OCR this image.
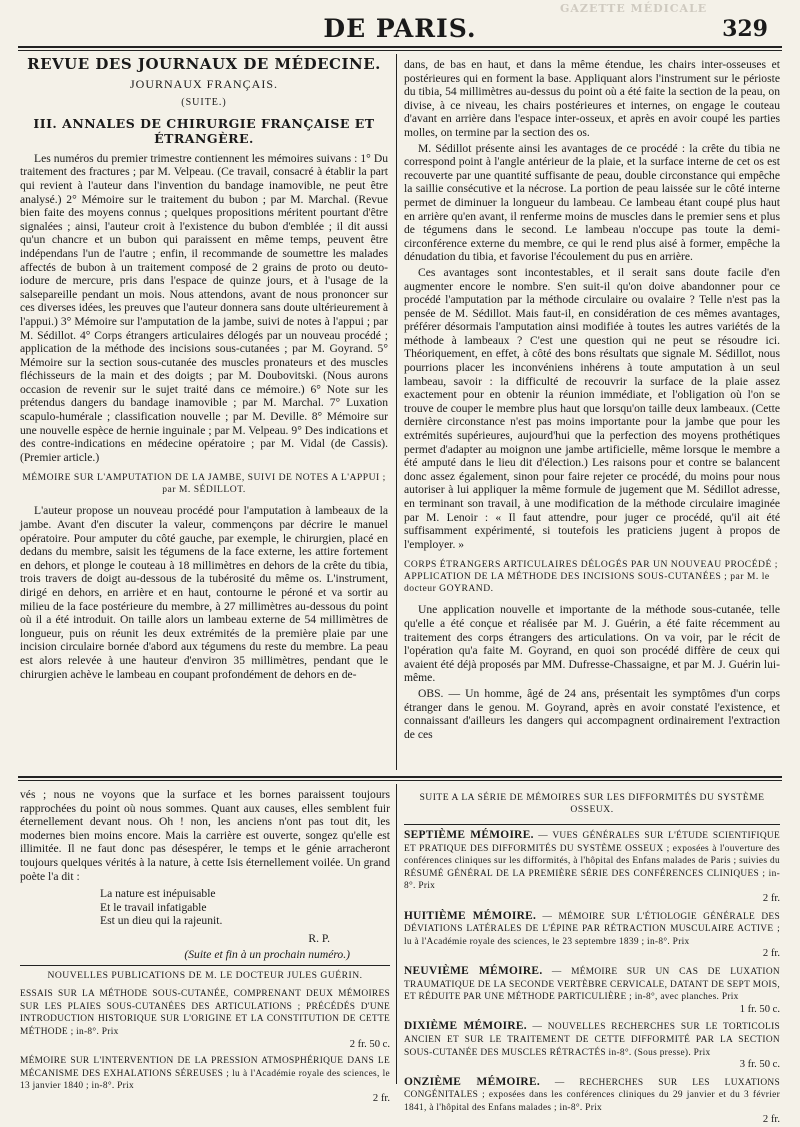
GAZETTE MÉDICALE
DE PARIS.	329
REVUE DES JOURNAUX DE MÉDECINE.
JOURNAUX FRANÇAIS.
(SUITE.)
III. ANNALES DE CHIRURGIE FRANÇAISE ET ÉTRANGÈRE.

Les numéros du premier trimestre contiennent les mémoires suivans : 1° Du traitement des fractures ; par M. Velpeau. (Ce travail, consacré à établir la part qui revient à l'auteur dans l'invention du bandage inamovible, ne peut être analysé.) 2° Mémoire sur le traitement du bubon ; par M. Marchal. (Revue bien faite des moyens connus ; quelques propositions méritent pourtant d'être signalées ; ainsi, l'auteur croit à l'existence du bubon d'emblée ; il dit aussi qu'un chancre et un bubon qui paraissent en même temps, peuvent être indépendans l'un de l'autre ; enfin, il recommande de soumettre les malades affectés de bubon à un traitement composé de 2 grains de proto ou deuto-iodure de mercure, pris dans l'espace de quinze jours, et à l'usage de la salsepareille pendant un mois. Nous attendons, avant de nous prononcer sur ces diverses idées, les preuves que l'auteur donnera sans doute ultérieurement à l'appui.) 3° Mémoire sur l'amputation de la jambe, suivi de notes à l'appui ; par M. Sédillot. 4° Corps étrangers articulaires délogés par un nouveau procédé ; application de la méthode des incisions sous-cutanées ; par M. Goyrand. 5° Mémoire sur la section sous-cutanée des muscles pronateurs et des muscles fléchisseurs de la main et des doigts ; par M. Doubovitski. (Nous aurons occasion de revenir sur le sujet traité dans ce mémoire.) 6° Note sur les prétendus dangers du bandage inamovible ; par M. Marchal. 7° Luxation scapulo-humérale ; classification nouvelle ; par M. Deville. 8° Mémoire sur une nouvelle espèce de hernie inguinale ; par M. Velpeau. 9° Des indications et des contre-indications en médecine opératoire ; par M. Vidal (de Cassis). (Premier article.)

MÉMOIRE SUR L'AMPUTATION DE LA JAMBE, SUIVI DE NOTES A L'APPUI ; par M. SÉDILLOT.

L'auteur propose un nouveau procédé pour l'amputation à lambeaux de la jambe. Avant d'en discuter la valeur, commençons par décrire le manuel opératoire. Pour amputer du côté gauche, par exemple, le chirurgien, placé en dedans du membre, saisit les tégumens de la face externe, les attire fortement en dehors, et plonge le couteau à 18 millimètres en dehors de la crête du tibia, trois travers de doigt au-dessous de la tubérosité du même os. L'instrument, dirigé en dehors, en arrière et en haut, contourne le péroné et va sortir au milieu de la face postérieure du membre, à 27 millimètres au-dessous du point où il a été introduit. On taille alors un lambeau externe de 54 millimètres de longueur, puis on réunit les deux extrémités de la première plaie par une incision circulaire bornée d'abord aux tégumens du reste du membre. La peau est alors relevée à une hauteur d'environ 35 millimètres, pendant que le chirurgien achève le lambeau en coupant profondément de dehors en de-

dans, de bas en haut, et dans la même étendue, les chairs inter-osseuses et postérieures qui en forment la base. Appliquant alors l'instrument sur le périoste du tibia, 54 millimètres au-dessus du point où a été faite la section de la peau, on divise, à ce niveau, les chairs postérieures et internes, on engage le couteau d'avant en arrière dans l'espace inter-osseux, et après en avoir coupé les parties molles, on termine par la section des os.

M. Sédillot présente ainsi les avantages de ce procédé : la crête du tibia ne correspond point à l'angle antérieur de la plaie, et la surface interne de cet os est recouverte par une quantité suffisante de peau, double circonstance qui empêche la saillie consécutive et la nécrose. La portion de peau laissée sur le côté interne permet de diminuer la longueur du lambeau. Ce lambeau étant coupé plus haut en arrière qu'en avant, il renferme moins de muscles dans le premier sens et plus de tégumens dans le second. Le lambeau n'occupe pas toute la demi-circonférence externe du membre, ce qui le rend plus aisé à former, empêche la dénudation du tibia, et favorise l'écoulement du pus en arrière.

Ces avantages sont incontestables, et il serait sans doute facile d'en augmenter encore le nombre. S'en suit-il qu'on doive abandonner pour ce procédé l'amputation par la méthode circulaire ou ovalaire ? Telle n'est pas la pensée de M. Sédillot. Mais faut-il, en considération de ces mêmes avantages, préférer désormais l'amputation ainsi modifiée à toutes les autres variétés de la méthode à lambeaux ? C'est une question qui ne peut se résoudre ici. Théoriquement, en effet, à côté des bons résultats que signale M. Sédillot, nous pourrions placer les inconvéniens inhérens à toute amputation à un seul lambeau, savoir : la difficulté de recouvrir la surface de la plaie assez exactement pour en obtenir la réunion immédiate, et l'obligation où l'on se trouve de couper le membre plus haut que lorsqu'on taille deux lambeaux. (Cette dernière circonstance n'est pas moins importante pour la jambe que pour les extrémités supérieures, aujourd'hui que la perfection des moyens prothétiques permet d'adapter au moignon une jambe artificielle, même lorsque le membre a été amputé dans le lieu dit d'élection.) Les raisons pour et contre se balancent donc assez également, sinon pour faire rejeter ce procédé, du moins pour nous autoriser à lui appliquer la même formule de jugement que M. Sédillot adresse, en terminant son travail, à une modification de la méthode circulaire imaginée par M. Lenoir : « Il faut attendre, pour juger ce procédé, qu'il ait été suffisamment expérimenté, si toutefois les praticiens jugent à propos de l'employer. »

CORPS ÉTRANGERS ARTICULAIRES DÉLOGÉS PAR UN NOUVEAU PROCÉDÉ ; APPLICATION DE LA MÉTHODE DES INCISIONS SOUS-CUTANÉES ; par M. le docteur GOYRAND.

Une application nouvelle et importante de la méthode sous-cutanée, telle qu'elle a été conçue et réalisée par M. J. Guérin, a été faite récemment au traitement des corps étrangers des articulations. On va voir, par le récit de l'opération qu'a faite M. Goyrand, en quoi son procédé diffère de ceux qui avaient été déjà proposés par MM. Dufresse-Chassaigne, et par M. J. Guérin lui-même.

OBS. — Un homme, âgé de 24 ans, présentait les symptômes d'un corps étranger dans le genou. M. Goyrand, après en avoir constaté l'existence, et connaissant d'ailleurs les dangers qui accompagnent ordinairement l'extraction de ces

vés ; nous ne voyons que la surface et les bornes paraissent toujours rapprochées du point où nous sommes. Quant aux causes, elles semblent fuir éternellement devant nous. Oh ! non, les anciens n'ont pas tout dit, les modernes bien moins encore. Mais la carrière est ouverte, songez qu'elle est illimitée. Il ne faut donc pas désespérer, le temps et le génie arracheront toujours quelques vérités à la nature, à cette Isis éternellement voilée. Un grand poète l'a dit :

La nature est inépuisable
Et le travail infatigable
Est un dieu qui la rajeunit.
R. P.
(Suite et fin à un prochain numéro.)
NOUVELLES PUBLICATIONS DE M. LE DOCTEUR JULES GUÉRIN.
ESSAIS SUR LA MÉTHODE SOUS-CUTANÉE, COMPRENANT DEUX MÉMOIRES SUR LES PLAIES SOUS-CUTANÉES DES ARTICULATIONS ; PRÉCÉDÉS D'UNE INTRODUCTION HISTORIQUE SUR L'ORIGINE ET LA CONSTITUTION DE CETTE MÉTHODE ; in-8°. Prix
2 fr. 50 c.
MÉMOIRE SUR L'INTERVENTION DE LA PRESSION ATMOSPHÉRIQUE DANS LE MÉCANISME DES EXHALATIONS SÉREUSES ; lu à l'Académie royale des sciences, le 13 janvier 1840 ; in-8°. Prix
2 fr.
SUITE A LA SÉRIE DE MÉMOIRES SUR LES DIFFORMITÉS DU SYSTÈME OSSEUX.
SEPTIÈME MÉMOIRE. — VUES GÉNÉRALES SUR L'ÉTUDE SCIENTIFIQUE ET PRATIQUE DES DIFFORMITÉS DU SYSTÈME OSSEUX ; exposées à l'ouverture des conférences cliniques sur les difformités, à l'hôpital des Enfans malades de Paris ; suivies du RÉSUMÉ GÉNÉRAL DE LA PREMIÈRE SÉRIE DES CONFÉRENCES CLINIQUES ; in-8°. Prix
2 fr.
HUITIÈME MÉMOIRE. — MÉMOIRE SUR L'ÉTIOLOGIE GÉNÉRALE DES DÉVIATIONS LATÉRALES DE L'ÉPINE PAR RÉTRACTION MUSCULAIRE ACTIVE ; lu à l'Académie royale des sciences, le 23 septembre 1839 ; in-8°. Prix
2 fr.
NEUVIÈME MÉMOIRE. — MÉMOIRE SUR UN CAS DE LUXATION TRAUMATIQUE DE LA SECONDE VERTÈBRE CERVICALE, DATANT DE SEPT MOIS, ET RÉDUITE PAR UNE MÉTHODE PARTICULIÈRE ; in-8°, avec planches. Prix
1 fr. 50 c.
DIXIÈME MÉMOIRE. — NOUVELLES RECHERCHES SUR LE TORTICOLIS ANCIEN ET SUR LE TRAITEMENT DE CETTE DIFFORMITÉ PAR LA SECTION SOUS-CUTANÉE DES MUSCLES RÉTRACTÉS in-8°. (Sous presse). Prix
3 fr. 50 c.
ONZIÈME MÉMOIRE. — RECHERCHES SUR LES LUXATIONS CONGÉNITALES ; exposées dans les conférences cliniques du 29 janvier et du 3 février 1841, à l'hôpital des Enfans malades ; in-8°. Prix
2 fr.
